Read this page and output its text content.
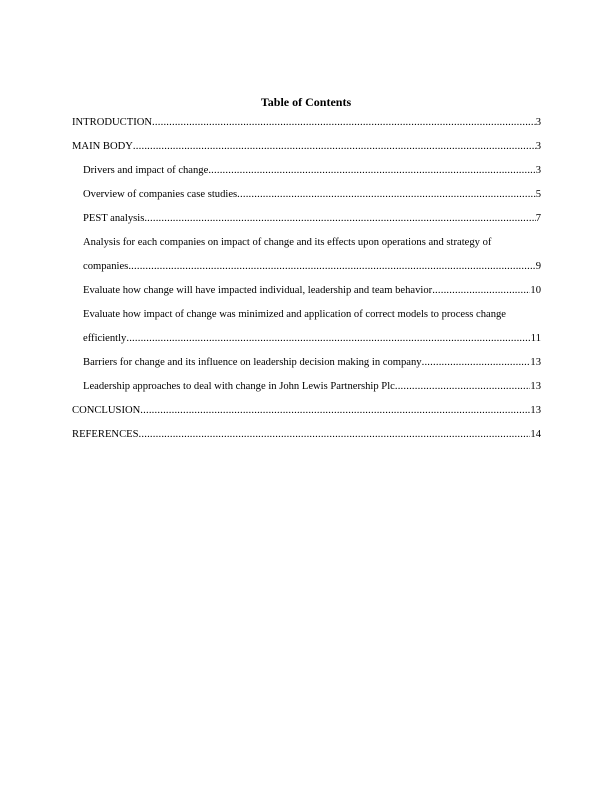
Table of Contents
INTRODUCTION .....	3
MAIN BODY .....	3
Drivers and impact of change .....	3
Overview of companies case studies .....	5
PEST analysis .....	7
Analysis for each companies on impact of change and its effects upon operations and strategy of
companies .....	9
Evaluate how change will have impacted individual, leadership and team behavior .....	10
Evaluate how impact of change was minimized and application of correct models to process change
efficiently .....	11
Barriers for change and its influence on leadership decision making in company .....	13
Leadership approaches to deal with change in John Lewis Partnership Plc .....	13
CONCLUSION .....	13
REFERENCES .....	14
